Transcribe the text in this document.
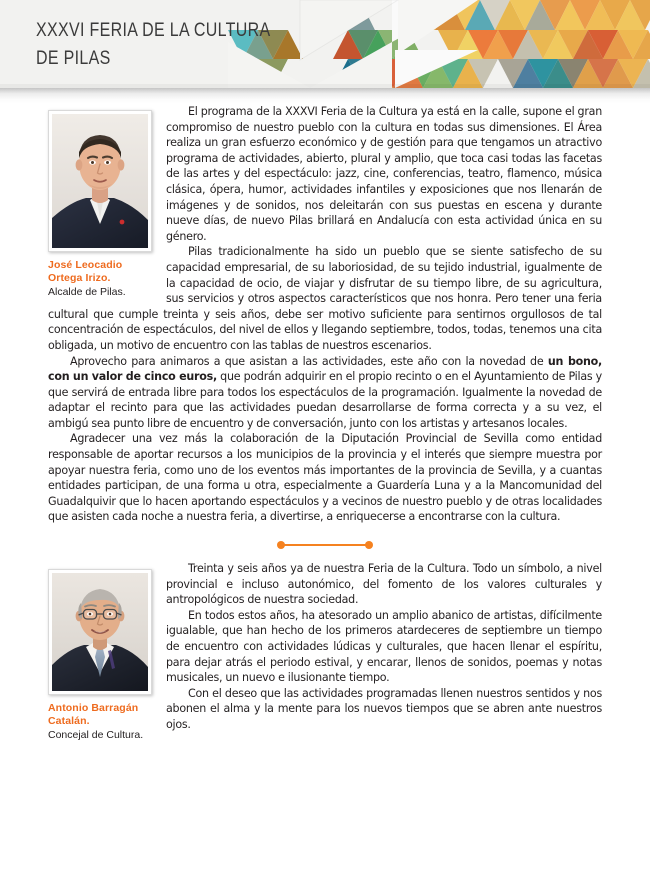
XXXVI FERIA DE LA CULTURA
DE PILAS
José Leocadio Ortega Irizo.
Alcalde de Pilas.

El programa de la XXXVI Feria de la Cultura ya está en la calle, supone el gran compromiso de nuestro pueblo con la cultura en todas sus dimensiones. El Área realiza un gran esfuerzo económico y de gestión para que tengamos un atractivo programa de actividades, abierto, plural y amplio, que toca casi todas las facetas de las artes y del espectáculo: jazz, cine, conferencias, teatro, flamenco, música clásica, ópera, humor, actividades infantiles y exposiciones que nos llenarán de imágenes y de sonidos, nos deleitarán con sus puestas en escena y durante nueve días, de nuevo Pilas brillará en Andalucía con esta actividad única en su género.

Pilas tradicionalmente ha sido un pueblo que se siente satisfecho de su capacidad empresarial, de su laboriosidad, de su tejido industrial, igualmente de la capacidad de ocio, de viajar y disfrutar de su tiempo libre, de su agricultura, sus servicios y otros aspectos característicos que nos honra. Pero tener una feria cultural que cumple treinta y seis años, debe ser motivo suficiente para sentirnos orgullosos de tal concentración de espectáculos, del nivel de ellos y llegando septiembre, todos, todas, tenemos una cita obligada, un motivo de encuentro con las tablas de nuestros escenarios.

Aprovecho para animaros a que asistan a las actividades, este año con la novedad de un bono, con un valor de cinco euros, que podrán adquirir en el propio recinto o en el Ayuntamiento de Pilas y que servirá de entrada libre para todos los espectáculos de la programación. Igualmente la novedad de adaptar el recinto para que las actividades puedan desarrollarse de forma correcta y a su vez, el ambigú sea punto libre de encuentro y de conversación, junto con los artistas y artesanos locales.

Agradecer una vez más la colaboración de la Diputación Provincial de Sevilla como entidad responsable de aportar recursos a los municipios de la provincia y el interés que siempre muestra por apoyar nuestra feria, como uno de los eventos más importantes de la provincia de Sevilla, y a cuantas entidades participan, de una forma u otra, especialmente a Guardería Luna y a la Mancomunidad del Guadalquivir que lo hacen aportando espectáculos y a vecinos de nuestro pueblo y de otras localidades que asisten cada noche a nuestra feria, a divertirse, a enriquecerse a encontrarse con la cultura.

Antonio Barragán Catalán.
Concejal de Cultura.

Treinta y seis años ya de nuestra Feria de la Cultura. Todo un símbolo, a nivel provincial e incluso autonómico, del fomento de los valores culturales y antropológicos de nuestra sociedad.

En todos estos años, ha atesorado un amplio abanico de artistas, difícilmente igualable, que han hecho de los primeros atardeceres de septiembre un tiempo de encuentro con actividades lúdicas y culturales, que hacen llenar el espíritu, para dejar atrás el periodo estival, y encarar, llenos de sonidos, poemas y notas musicales, un nuevo e ilusionante tiempo.

Con el deseo que las actividades programadas llenen nuestros sentidos y nos abonen el alma y la mente para los nuevos tiempos que se abren ante nuestros ojos.
